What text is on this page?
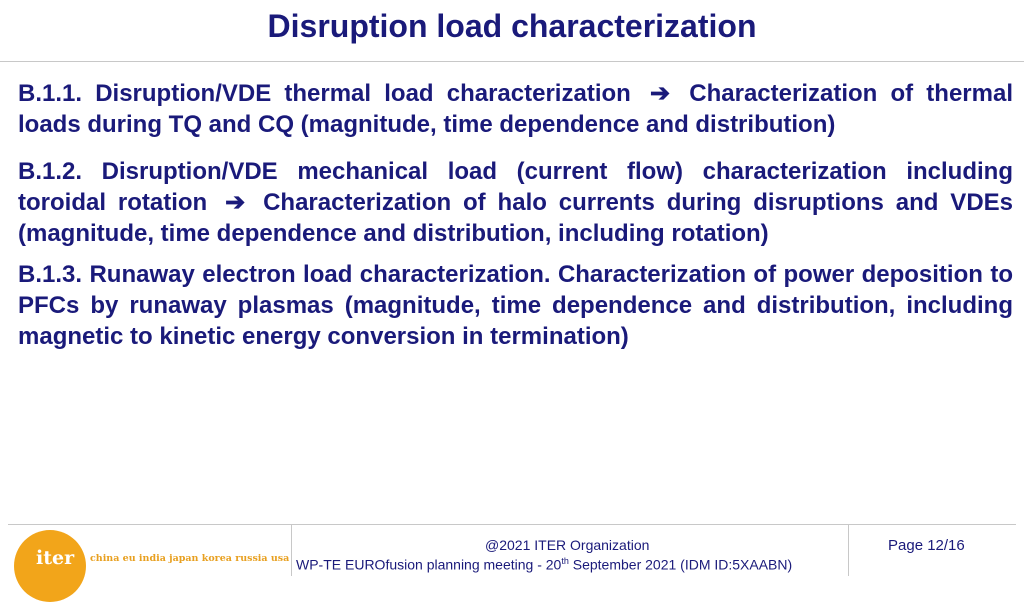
Disruption load characterization
B.1.1. Disruption/VDE thermal load characterization ➔ Characterization of thermal loads during TQ and CQ (magnitude, time dependence and distribution)
B.1.2. Disruption/VDE mechanical load (current flow) characterization including toroidal rotation ➔ Characterization of halo currents during disruptions and VDEs (magnitude, time dependence and distribution, including rotation)
B.1.3. Runaway electron load characterization. Characterization of power deposition to PFCs by runaway plasmas (magnitude, time dependence and distribution, including magnetic to kinetic energy conversion in termination)
iter china eu india japan korea russia usa
@2021 ITER Organization
WP-TE EUROfusion planning meeting - 20th September 2021 (IDM ID:5XAABN)
Page 12/16
